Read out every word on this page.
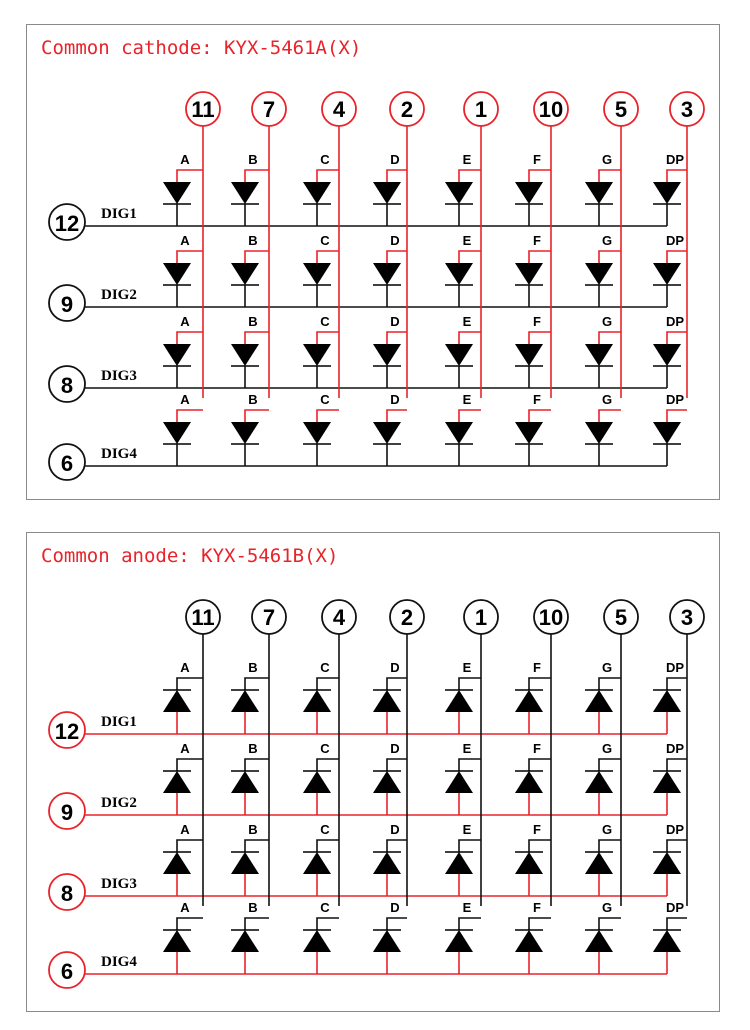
Common cathode: KYX-5461A(X)
12 DIG1
9 DIG2
8 DIG3
6 DIG4
11
A
A
A
A
7
B
B
B
B
4
C
C
C
C
2
D
D
D
D
1
E
E
E
E
10
F
F
F
F
5
G
G
G
G
3
DP
DP
DP
DP
Common anode: KYX-5461B(X)
12 DIG1
9 DIG2
8 DIG3
6 DIG4
11
A
A
A
A
7
B
B
B
B
4
C
C
C
C
2
D
D
D
D
1
E
E
E
E
10
F
F
F
F
5
G
G
G
G
3
DP
DP
DP
DP
